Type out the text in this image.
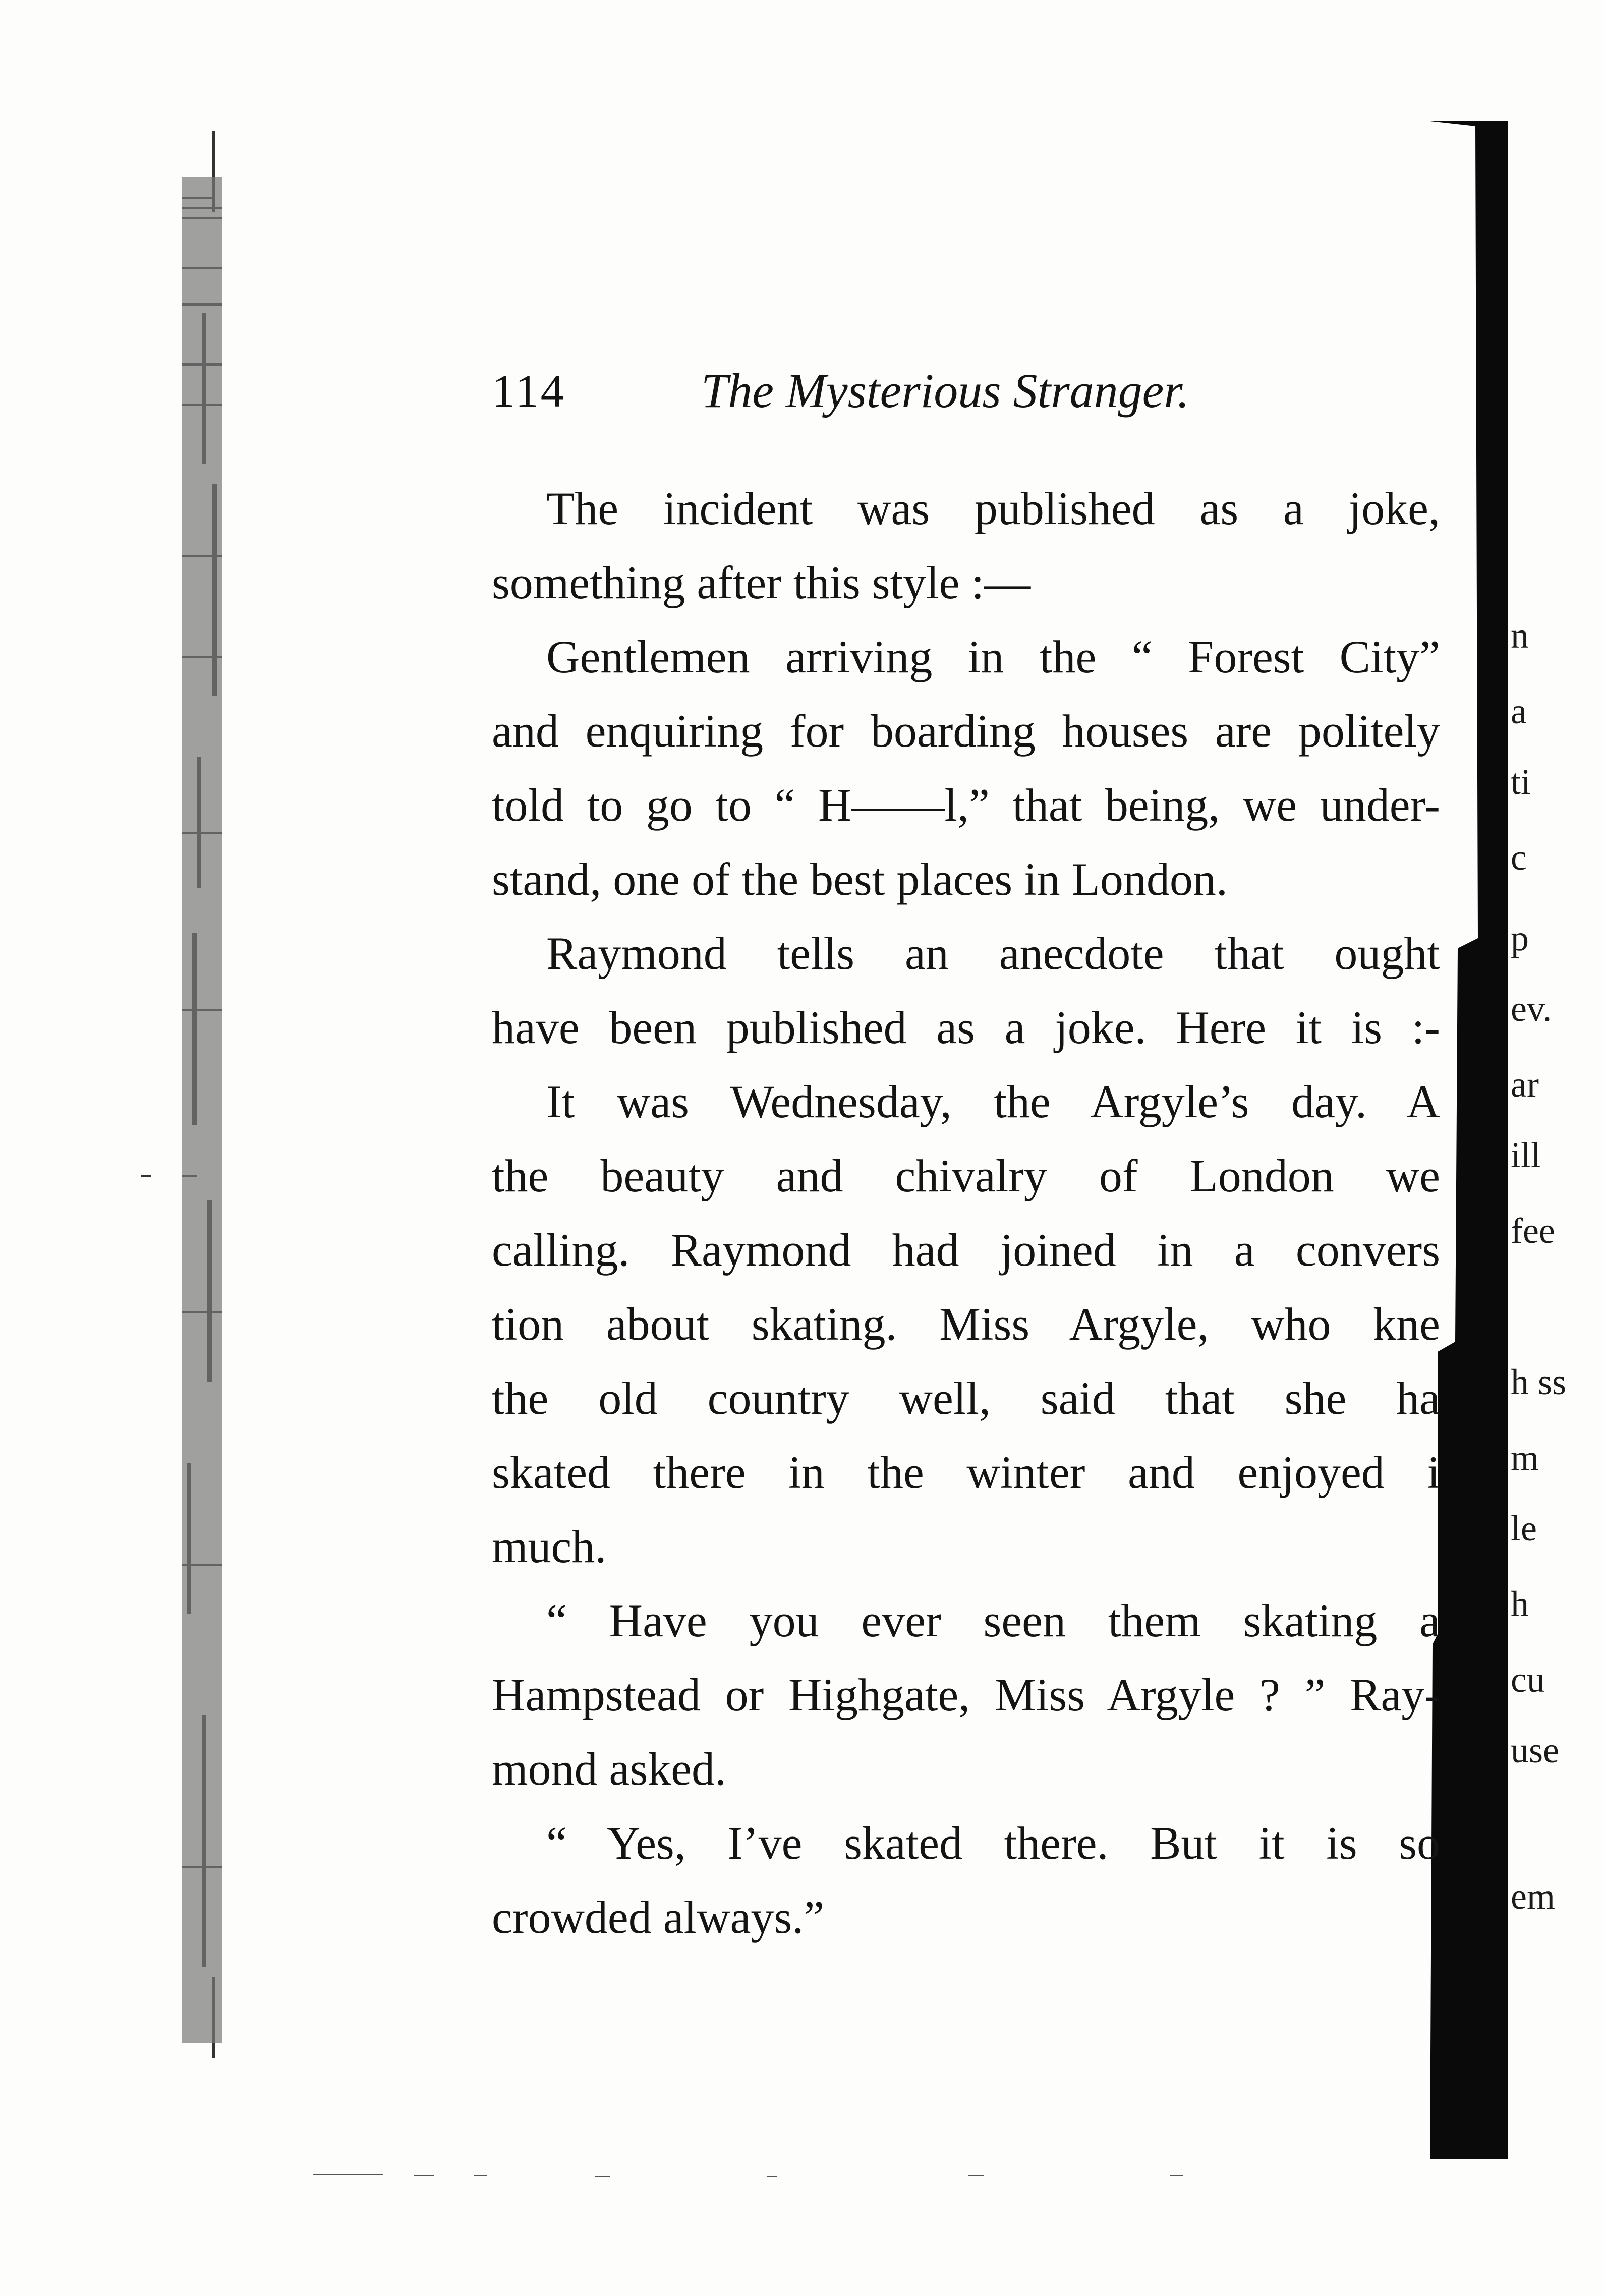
114	The Mysterious Stranger.
The incident was published as a joke,
something after this style :—
Gentlemen arriving in the “ Forest City”
and enquiring for boarding houses are politely
told to go to “ H——l,” that being, we under-
stand, one of the best places in London.
Raymond tells an anecdote that ought
have been published as a joke. Here it is :-
It was Wednesday, the Argyle’s day. A
the beauty and chivalry of London we
calling. Raymond had joined in a convers
tion about skating. Miss Argyle, who kne
the old country well, said that she ha
skated there in the winter and enjoyed i
much.
“ Have you ever seen them skating a
Hampstead or Highgate, Miss Argyle ? ” Ray-
mond asked.
“ Yes, I’ve skated there. But it is so
crowded always.”
n
a
ti
c
p
ev.
ar
ill
fee
h ss
m
le
h
cu
use
em
